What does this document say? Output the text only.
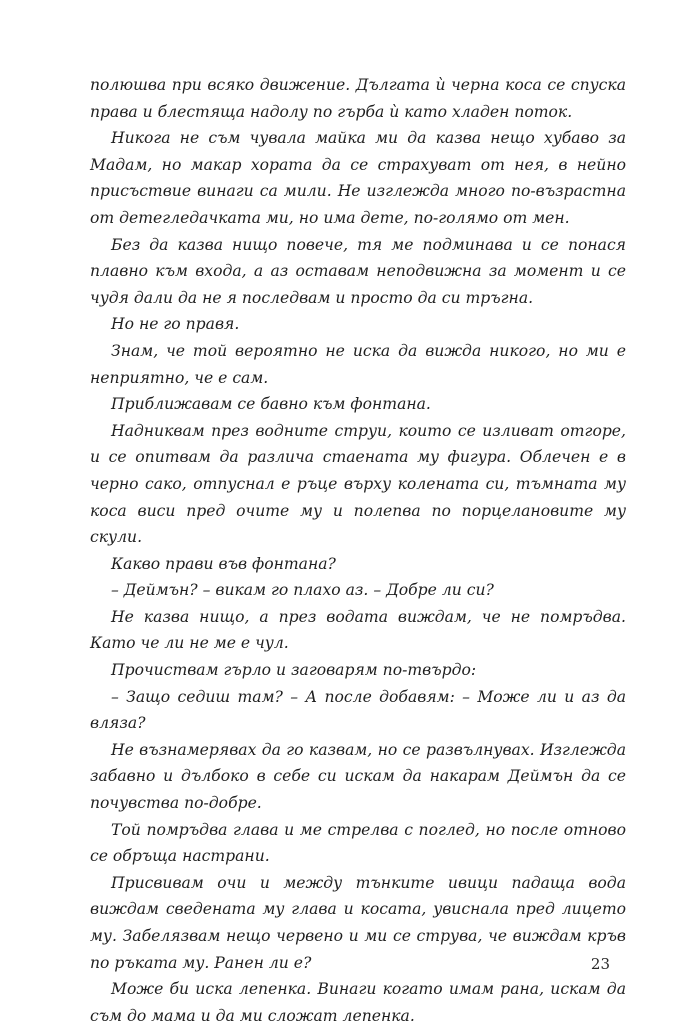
полюшва при всяко движение. Дългата ѝ черна коса се спуска права и блестяща надолу по гърба ѝ като хладен поток.

Никога не съм чувала майка ми да казва нещо хубаво за Мадам, но макар хората да се страхуват от нея, в нейно присъствие винаги са мили. Не изглежда много по-възрастна от детегледачката ми, но има дете, по-голямо от мен.

Без да казва нищо повече, тя ме подминава и се понася плавно към входа, а аз оставам неподвижна за момент и се чудя дали да не я последвам и просто да си тръгна.

Но не го правя.

Знам, че той вероятно не иска да вижда никого, но ми е неприятно, че е сам.

Приближавам се бавно към фонтана.

Надниквам през водните струи, които се изливат отгоре, и се опитвам да различа стаената му фигура. Облечен е в черно сако, отпуснал е ръце върху колената си, тъмната му коса виси пред очите му и полепва по порцелановите му скули.

Какво прави във фонтана?

– Деймън? – викам го плахо аз. – Добре ли си?

Не казва нищо, а през водата виждам, че не помръдва. Като че ли не ме е чул.

Прочиствам гърло и заговарям по-твърдо:

– Защо седиш там? – А после добавям: – Може ли и аз да вляза?

Не възнамерявах да го казвам, но се развълнувах. Изглежда забавно и дълбоко в себе си искам да накарам Деймън да се почувства по-добре.

Той помръдва глава и ме стрелва с поглед, но после отново се обръща настрани.

Присвивам очи и между тънките ивици падаща вода виждам сведената му глава и косата, увиснала пред лицето му. Забелязвам нещо червено и ми се струва, че виждам кръв по ръката му. Ранен ли е?

Може би иска лепенка. Винаги когато имам рана, искам да съм до мама и да ми сложат лепенка.

23
